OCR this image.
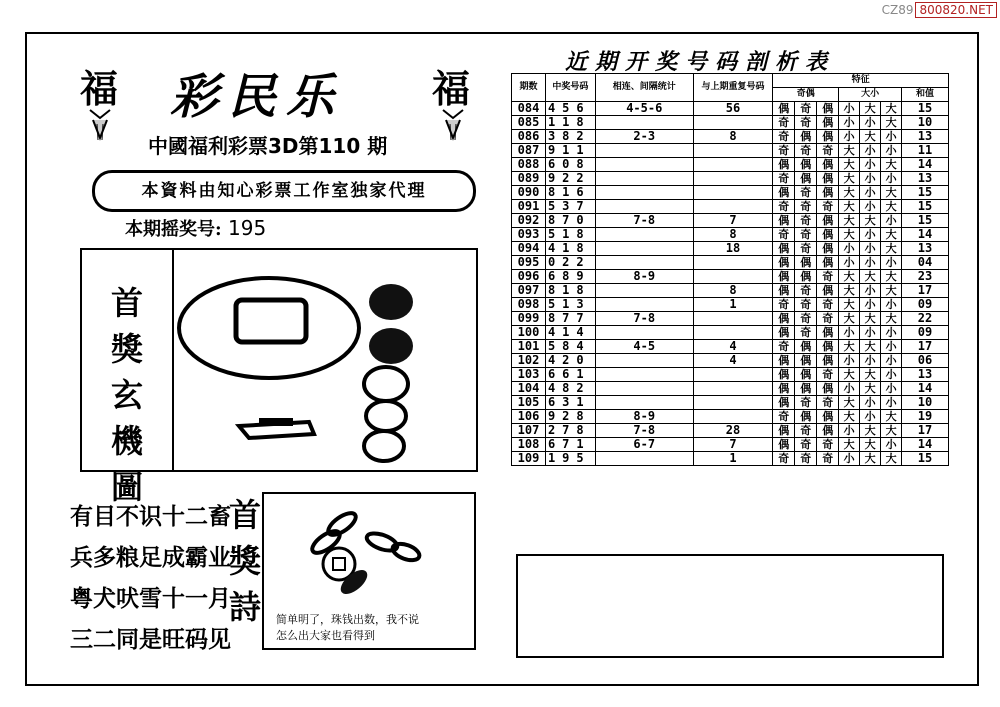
CZ89 800820.NET
福	福
彩民乐
中國福利彩票3D第110 期
本資料由知心彩票工作室独家代理
本期摇奖号: 195
首獎玄機圖
有目不识十二畜
兵多粮足成霸业
粤犬吠雪十一月
三二同是旺码见
首獎詩	简单明了，珠钱出数，我不说
怎么出大家也看得到
近期开奖号码剖析表
期数	中奖号码	相连、间隔统计	与上期重复号码	特征						
				奇偶			大小			和值

084	456	4-5-6	56	偶	奇	偶	小	大	大	15
085	118			奇	奇	偶	小	小	大	10
086	382	2-3	8	奇	偶	偶	小	大	小	13
087	911			奇	奇	奇	大	小	小	11
088	608			偶	偶	偶	大	小	大	14
089	922			奇	偶	偶	大	小	小	13
090	816			偶	奇	偶	大	小	大	15
091	537			奇	奇	奇	大	小	大	15
092	870	7-8	7	偶	奇	偶	大	大	小	15
093	518		8	奇	奇	偶	大	小	大	14
094	418		18	偶	奇	偶	小	小	大	13
095	022			偶	偶	偶	小	小	小	04
096	689	8-9		偶	偶	奇	大	大	大	23
097	818		8	偶	奇	偶	大	小	大	17
098	513		1	奇	奇	奇	大	小	小	09
099	877	7-8		偶	奇	奇	大	大	大	22
100	414			偶	奇	偶	小	小	小	09
101	584	4-5	4	奇	偶	偶	大	大	小	17
102	420		4	偶	偶	偶	小	小	小	06
103	661			偶	偶	奇	大	大	小	13
104	482			偶	偶	偶	小	大	小	14
105	631			偶	奇	奇	大	小	小	10
106	928	8-9		奇	偶	偶	大	小	大	19
107	278	7-8	28	偶	奇	偶	小	大	大	17
108	671	6-7	7	偶	奇	奇	大	大	小	14
109	195		1	奇	奇	奇	小	大	大	15
